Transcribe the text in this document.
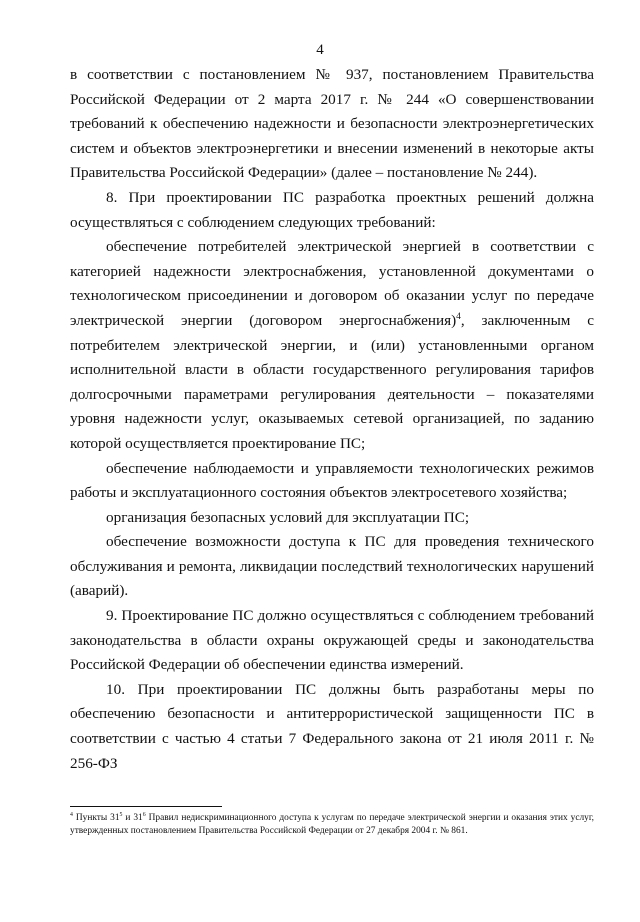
4

в соответствии с постановлением № 937, постановлением Правительства Российской Федерации от 2 марта 2017 г. № 244 «О совершенствовании требований к обеспечению надежности и безопасности электроэнергетических систем и объектов электроэнергетики и внесении изменений в некоторые акты Правительства Российской Федерации» (далее – постановление № 244).

8. При проектировании ПС разработка проектных решений должна осуществляться с соблюдением следующих требований:

обеспечение потребителей электрической энергией в соответствии с категорией надежности электроснабжения, установленной документами о технологическом присоединении и договором об оказании услуг по передаче электрической энергии (договором энергоснабжения)$^4$, заключенным с потребителем электрической энергии, и (или) установленными органом исполнительной власти в области государственного регулирования тарифов долгосрочными параметрами регулирования деятельности – показателями уровня надежности услуг, оказываемых сетевой организацией, по заданию которой осуществляется проектирование ПС;

обеспечение наблюдаемости и управляемости технологических режимов работы и эксплуатационного состояния объектов электросетевого хозяйства;

организация безопасных условий для эксплуатации ПС;

обеспечение возможности доступа к ПС для проведения технического обслуживания и ремонта, ликвидации последствий технологических нарушений (аварий).

9. Проектирование ПС должно осуществляться с соблюдением требований законодательства в области охраны окружающей среды и законодательства Российской Федерации об обеспечении единства измерений.

10. При проектировании ПС должны быть разработаны меры по обеспечению безопасности и антитеррористической защищенности ПС в соответствии с частью 4 статьи 7 Федерального закона от 21 июля 2011 г. № 256-ФЗ

$^4$ Пункты $31^5$ и $31^6$ Правил недискриминационного доступа к услугам по передаче электрической энергии и оказания этих услуг, утвержденных постановлением Правительства Российской Федерации от 27 декабря 2004 г. № 861.
